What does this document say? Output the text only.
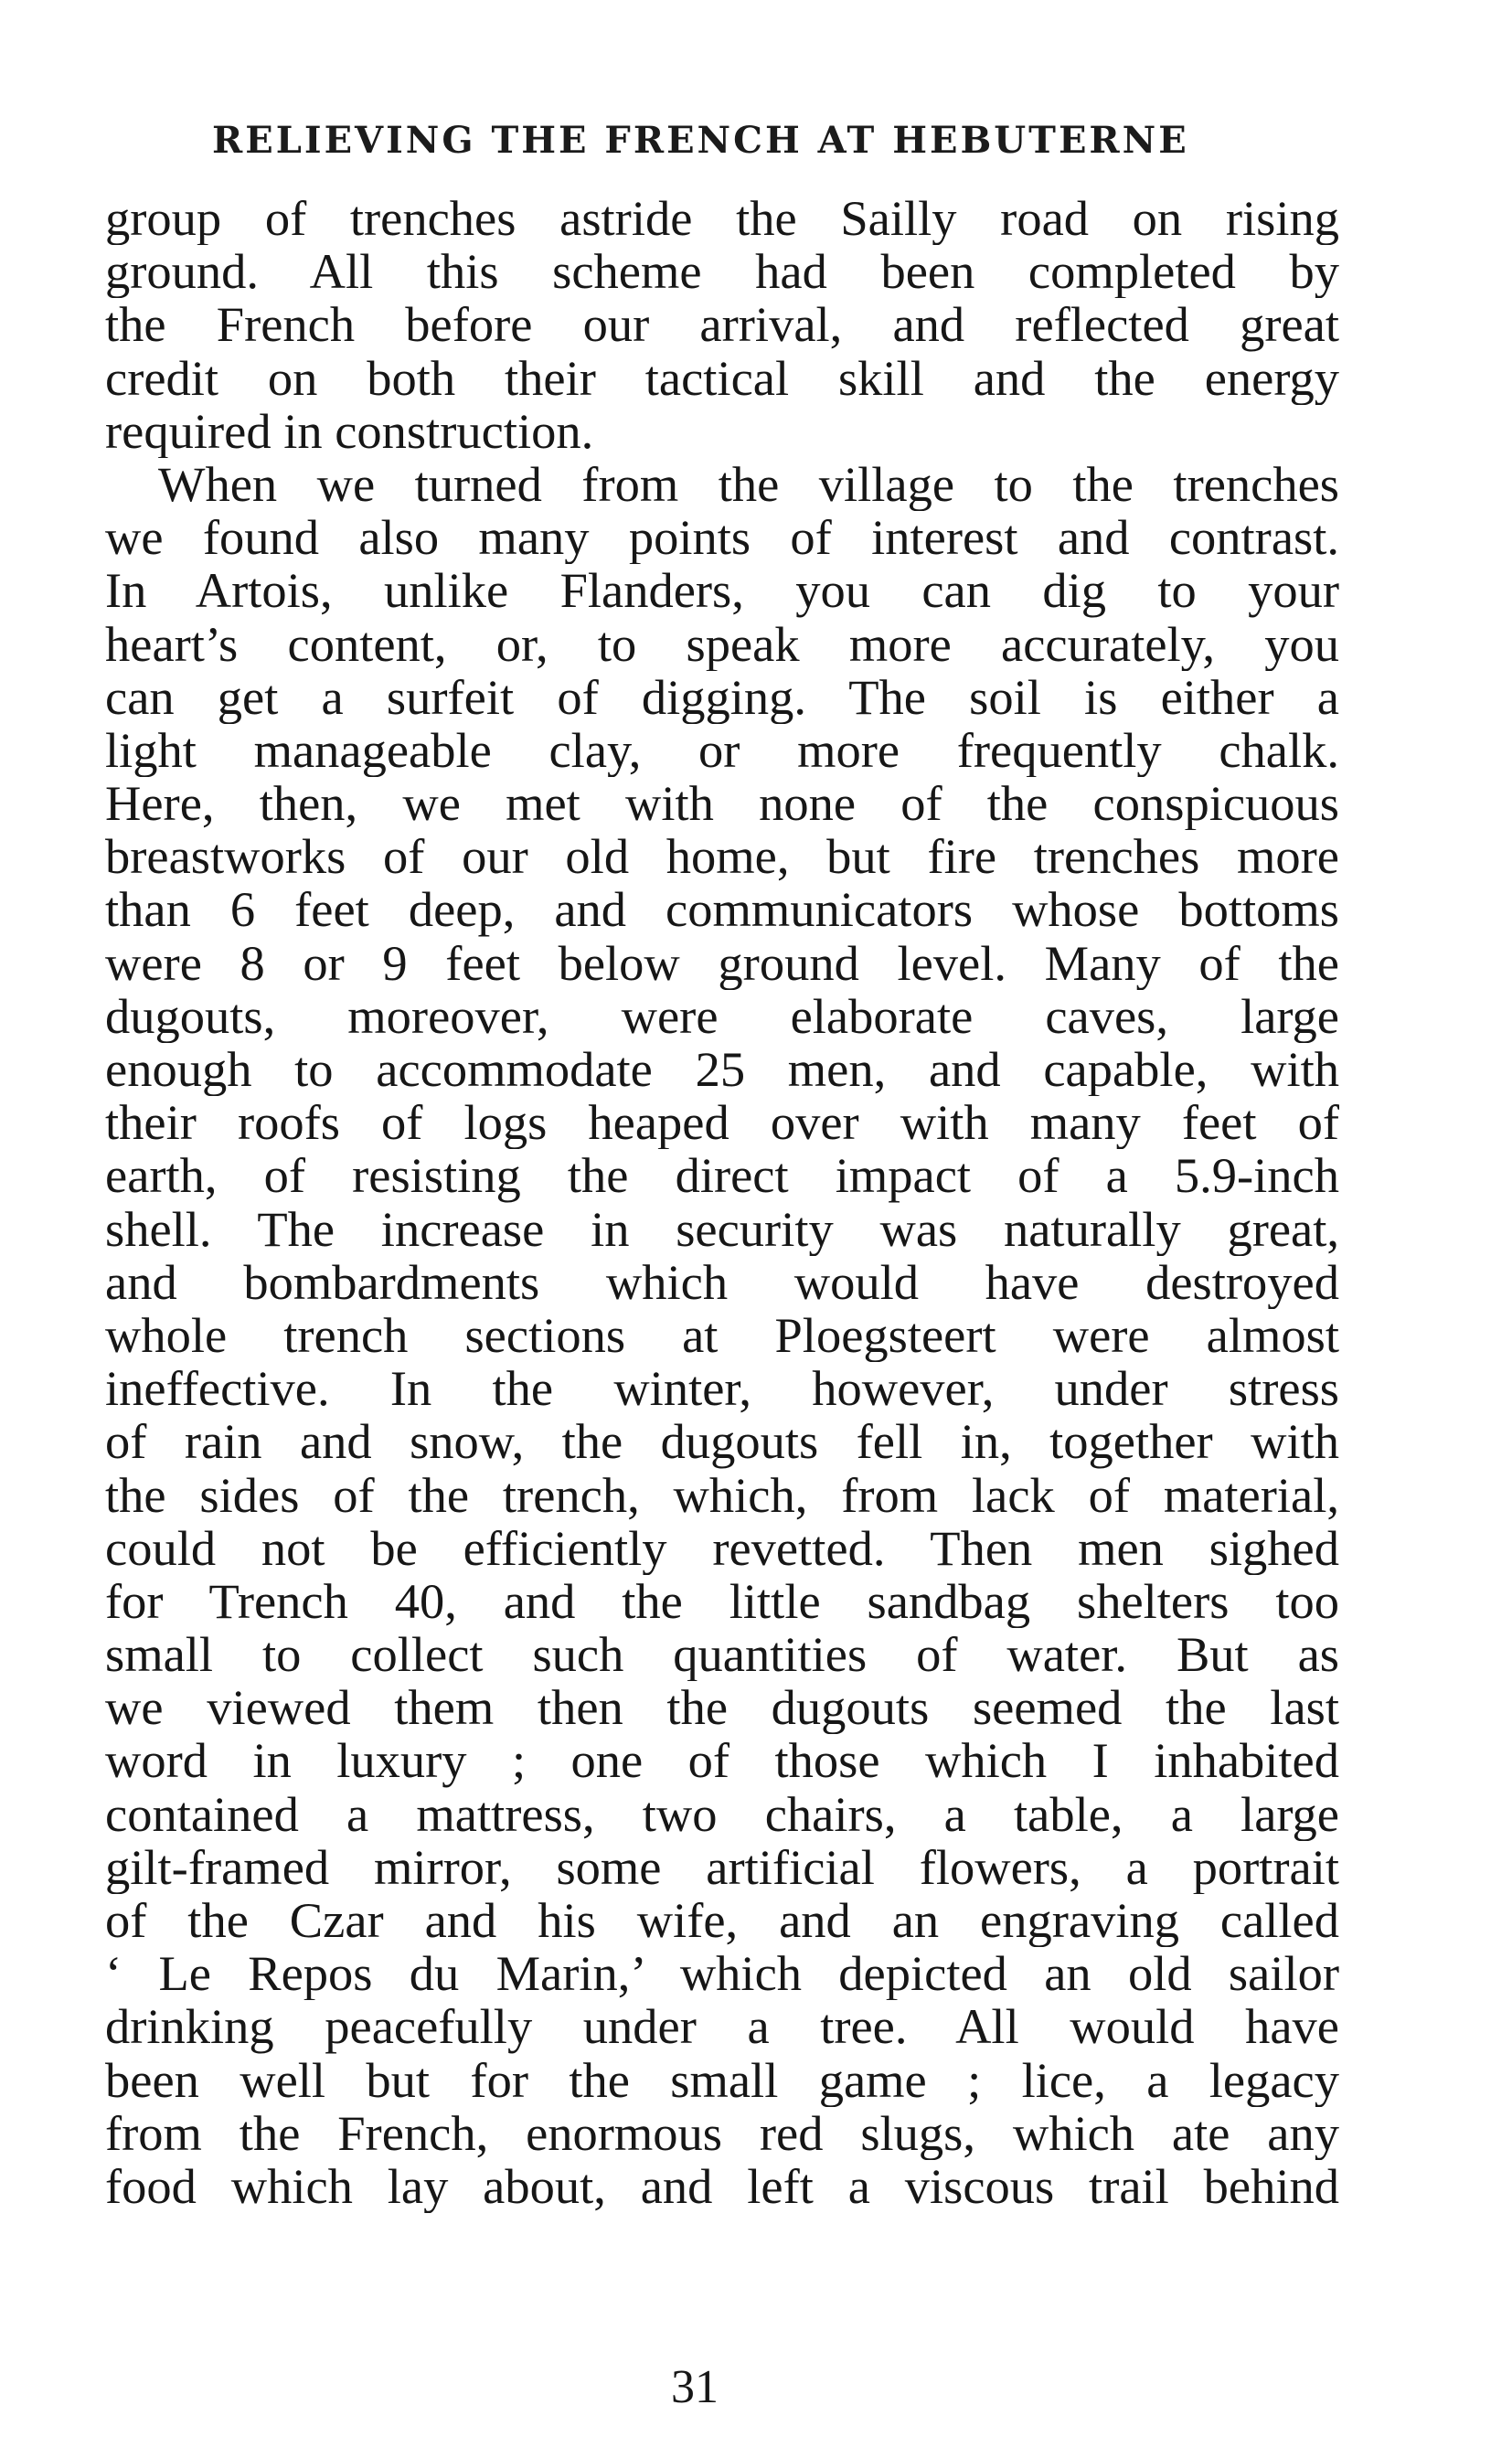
RELIEVING THE FRENCH AT HEBUTERNE
group of trenches astride the Sailly road on rising
ground. All this scheme had been completed by
the French before our arrival, and reflected great
credit on both their tactical skill and the energy
required in construction.
When we turned from the village to the trenches
we found also many points of interest and contrast.
In Artois, unlike Flanders, you can dig to your
heart’s content, or, to speak more accurately, you
can get a surfeit of digging. The soil is either a
light manageable clay, or more frequently chalk.
Here, then, we met with none of the conspicuous
breastworks of our old home, but fire trenches more
than 6 feet deep, and communicators whose bottoms
were 8 or 9 feet below ground level. Many of the
dugouts, moreover, were elaborate caves, large
enough to accommodate 25 men, and capable, with
their roofs of logs heaped over with many feet of
earth, of resisting the direct impact of a 5.9-inch
shell. The increase in security was naturally great,
and bombardments which would have destroyed
whole trench sections at Ploegsteert were almost
ineffective. In the winter, however, under stress
of rain and snow, the dugouts fell in, together with
the sides of the trench, which, from lack of material,
could not be efficiently revetted. Then men sighed
for Trench 40, and the little sandbag shelters too
small to collect such quantities of water. But as
we viewed them then the dugouts seemed the last
word in luxury ; one of those which I inhabited
contained a mattress, two chairs, a table, a large
gilt-framed mirror, some artificial flowers, a portrait
of the Czar and his wife, and an engraving called
‘ Le Repos du Marin,’ which depicted an old sailor
drinking peacefully under a tree. All would have
been well but for the small game ; lice, a legacy
from the French, enormous red slugs, which ate any
food which lay about, and left a viscous trail behind
31
